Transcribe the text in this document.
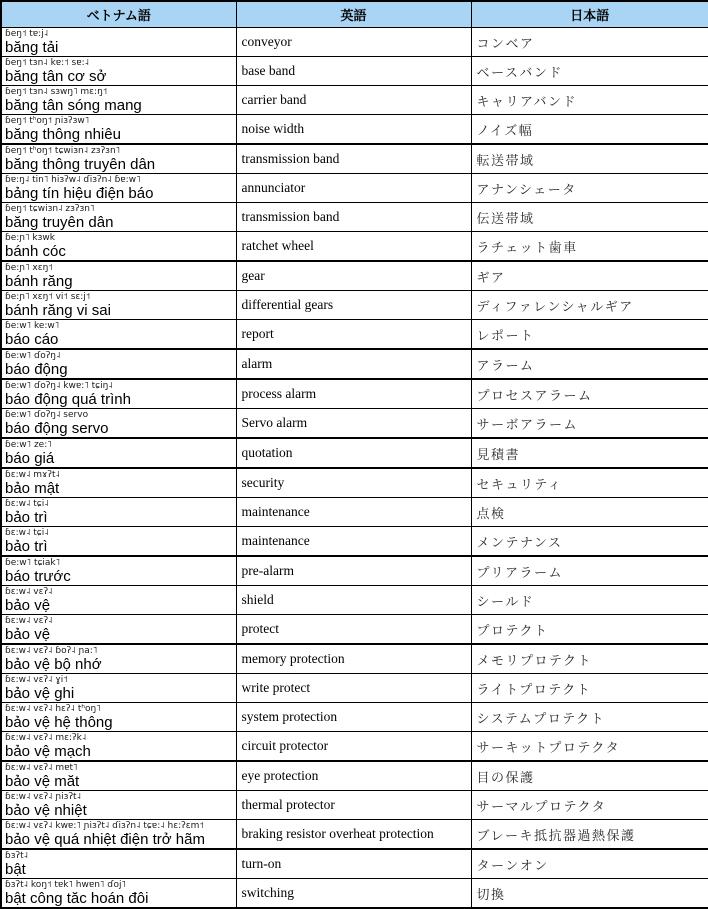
ベトナム語	英語	日本語

ɓeŋ˦ tɐ:j˨
băng tải	conveyor	コンベア

ɓeŋ˦ tɜn˨ kɐ:˦ sɐ:˨
băng tân cơ sở	base band	ベースバンド

ɓeŋ˦ tɜn˨ sɜwŋ˥ mɛ:ŋ˦
băng tân sóng mang	carrier band	キャリアバンド

ɓeŋ˦ tʰoŋ˦ ɲiɜʔɜw˥
băng thông nhiêu	noise width	ノイズ幅

ɓeŋ˦ tʰoŋ˦ tɕwiɜn˨ zɜʔɜn˥
băng thông truyên dân	transmission band	転送帯域

ɓɐ:ŋ˨ tin˥ hiɜʔw˨ ɗiɜʔn˨ ɓɐ:w˥
bảng tín hiệu điện báo	annunciator	アナンシェータ

ɓeŋ˦ tɕwiɜn˨ zɜʔɜn˥
băng truyên dân	transmission band	伝送帯域

ɓe:ɲ˥ kɜwk
bánh cóc	ratchet wheel	ラチェット歯車

ɓe:ɲ˥ xɛŋ˦
bánh răng	gear	ギア

ɓe:ɲ˥ xɛŋ˦ vi˦ sɛ:j˦
bánh răng vi sai	differential gears	ディファレンシャルギア

ɓe:w˥ ke:w˥
báo cáo	report	レポート

ɓe:w˥ ɗoʔŋ˨
báo động	alarm	アラーム

ɓe:w˥ ɗoʔŋ˨ kwɐ:˥ tɕiŋ˨
báo động quá trình	process alarm	プロセスアラーム

ɓe:w˥ ɗoʔŋ˨ servo
báo động servo	Servo alarm	サーボアラーム

ɓe:w˥ ze:˥
báo giá	quotation	見積書

ɓɛ:w˨ mɤʔt˨
bảo mật	security	セキュリティ

ɓɛ:w˨ tɕi˨
bảo trì	maintenance	点検

ɓɛ:w˨ tɕi˨
bảo trì	maintenance	メンテナンス

ɓe:w˥ tɕiak˥
báo trước	pre-alarm	プリアラーム

ɓɛ:w˨ vɛʔ˨
bảo vệ	shield	シールド

ɓɛ:w˨ vɛʔ˨
bảo vệ	protect	プロテクト

ɓɛ:w˨ vɛʔ˨ ɓoʔ˨ ɲa:˥
bảo vệ bộ nhớ	memory protection	メモリプロテクト

ɓɛ:w˨ vɛʔ˨ ɣi˦
bảo vệ ghi	write protect	ライトプロテクト

ɓɛ:w˨ vɛʔ˨ hɛʔ˨ tʰoŋ˥
bảo vệ hệ thông	system protection	システムプロテクト

ɓɛ:w˨ vɛʔ˨ mɛ:ʔk˨
bảo vệ mạch	circuit protector	サーキットプロテクタ

ɓɛ:w˨ vɛʔ˨ mɐt˥
bảo vệ măt	eye protection	目の保護

ɓɛ:w˨ vɛʔ˨ ɲiɜʔt˨
bảo vệ nhiệt	thermal protector	サーマルプロテクタ

ɓɛ:w˨ vɛʔ˨ kwɐ:˥ ɲiɜʔt˨ ɗiɜʔn˨ tɕɐ:˨ hɛ:ʔɛm˦
bảo vệ quá nhiệt điện trở hãm	braking resistor overheat protection	ブレーキ抵抗器過熱保護

ɓɜʔt˨
bật	turn-on	ターンオン

ɓɜʔt˨ koŋ˦ tɐk˥ hwɐn˥ ɗoj˥
bật công tăc hoán đôi	switching	切換
